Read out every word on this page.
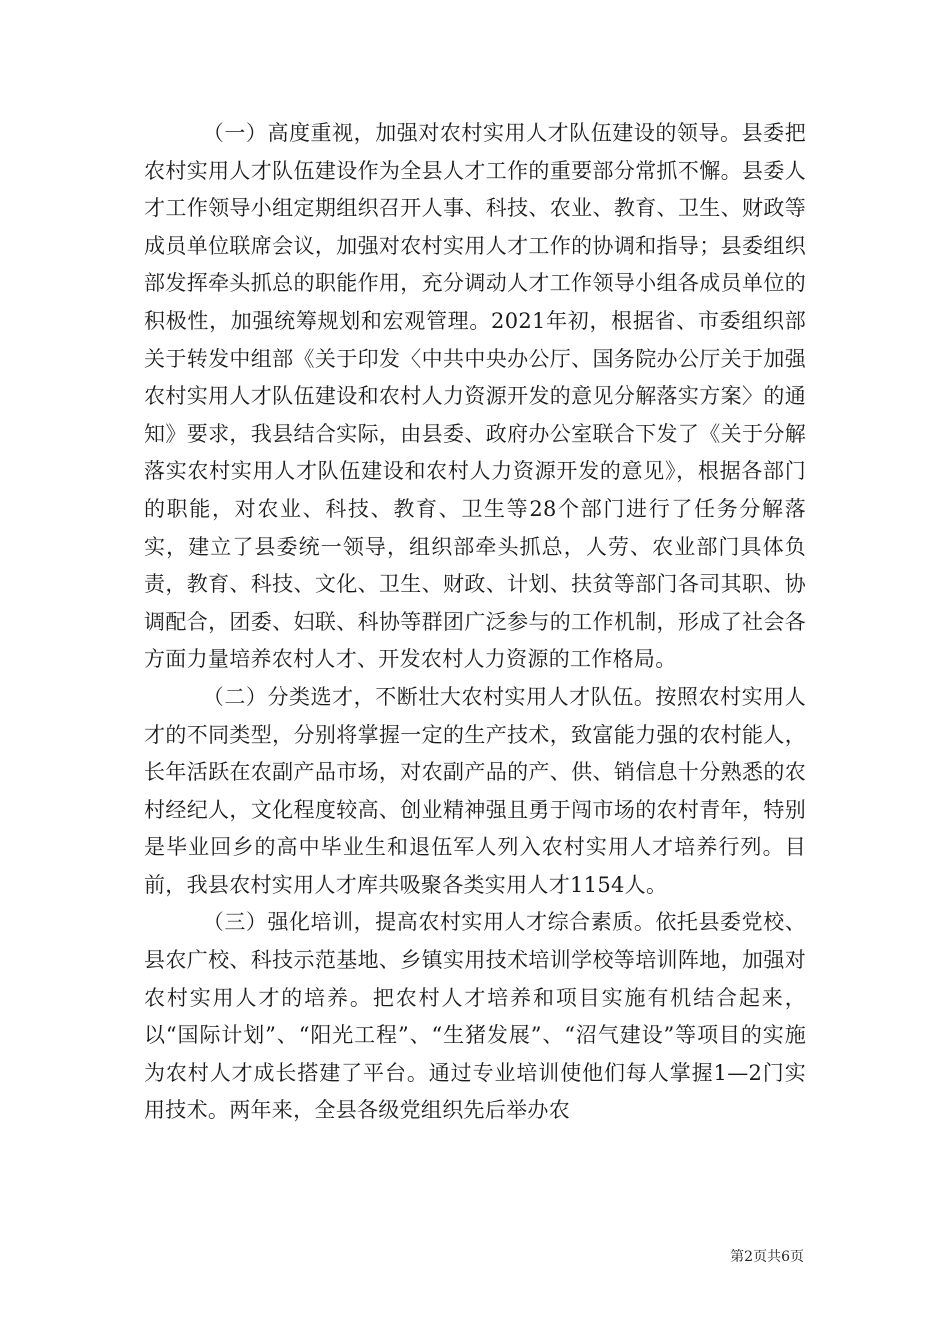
（一）高度重视，加强对农村实用人才队伍建设的领导。县委把农村实用人才队伍建设作为全县人才工作的重要部分常抓不懈。县委人才工作领导小组定期组织召开人事、科技、农业、教育、卫生、财政等成员单位联席会议，加强对农村实用人才工作的协调和指导；县委组织部发挥牵头抓总的职能作用，充分调动人才工作领导小组各成员单位的积极性，加强统筹规划和宏观管理。2021年初，根据省、市委组织部关于转发中组部《关于印发〈中共中央办公厅、国务院办公厅关于加强农村实用人才队伍建设和农村人力资源开发的意见分解落实方案〉的通知》要求，我县结合实际，由县委、政府办公室联合下发了《关于分解落实农村实用人才队伍建设和农村人力资源开发的意见》，根据各部门的职能，对农业、科技、教育、卫生等28个部门进行了任务分解落实，建立了县委统一领导，组织部牵头抓总，人劳、农业部门具体负责，教育、科技、文化、卫生、财政、计划、扶贫等部门各司其职、协调配合，团委、妇联、科协等群团广泛参与的工作机制，形成了社会各方面力量培养农村人才、开发农村人力资源的工作格局。

（二）分类选才，不断壮大农村实用人才队伍。按照农村实用人才的不同类型，分别将掌握一定的生产技术，致富能力强的农村能人，长年活跃在农副产品市场，对农副产品的产、供、销信息十分熟悉的农村经纪人，文化程度较高、创业精神强且勇于闯市场的农村青年，特别是毕业回乡的高中毕业生和退伍军人列入农村实用人才培养行列。目前，我县农村实用人才库共吸聚各类实用人才1154人。

（三）强化培训，提高农村实用人才综合素质。依托县委党校、县农广校、科技示范基地、乡镇实用技术培训学校等培训阵地，加强对农村实用人才的培养。把农村人才培养和项目实施有机结合起来，以“国际计划”、“阳光工程”、“生猪发展”、“沼气建设”等项目的实施为农村人才成长搭建了平台。通过专业培训使他们每人掌握1—2门实用技术。两年来，全县各级党组织先后举办农

第2页共6页
